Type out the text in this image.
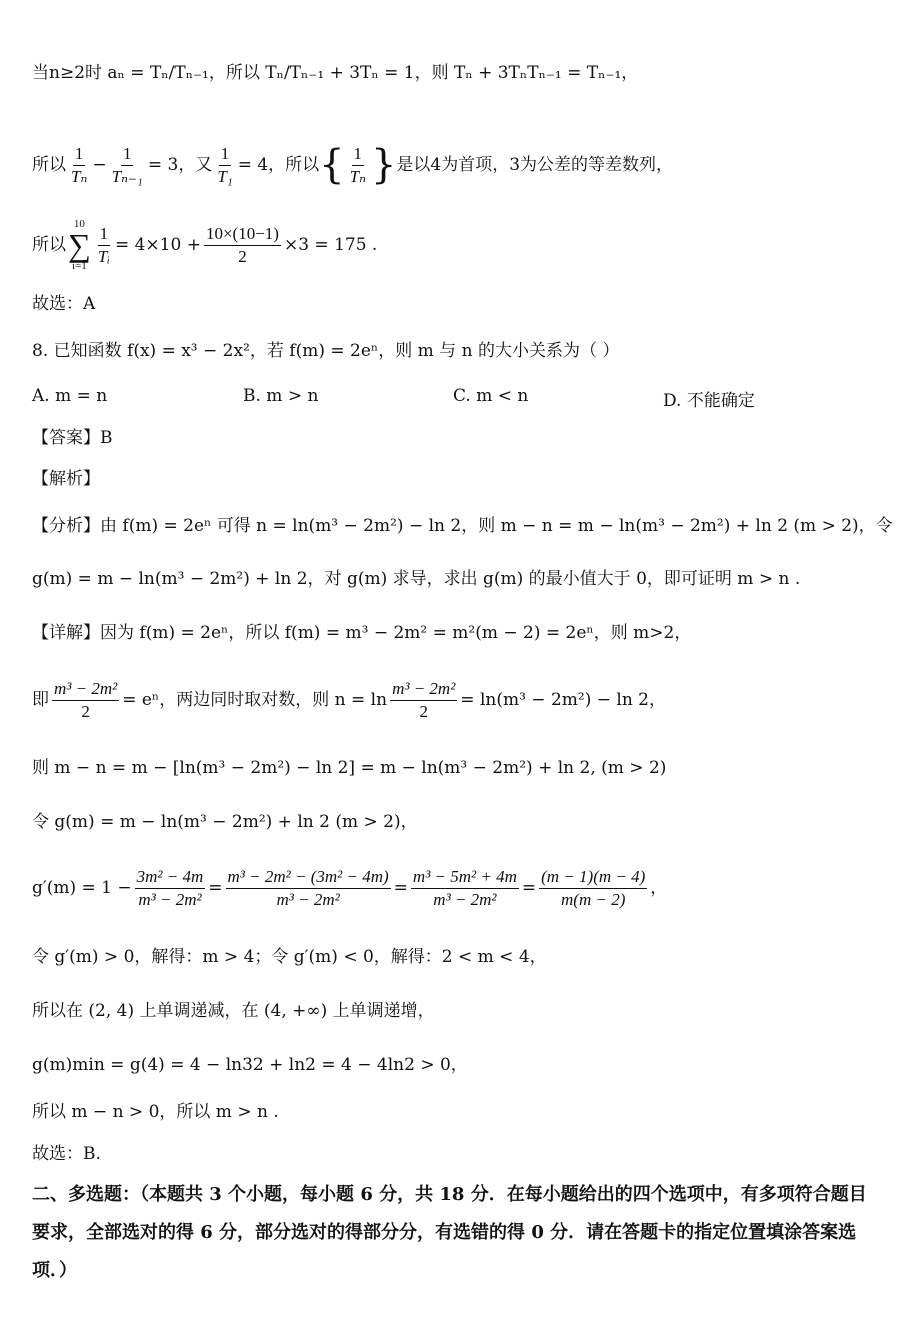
当n≥2时 aₙ = Tₙ/Tₙ₋₁，所以 Tₙ/Tₙ₋₁ + 3Tₙ = 1，则 Tₙ + 3TₙTₙ₋₁ = Tₙ₋₁，
所以 $\frac{1}{\text{Tₙ}} - \frac{1}{\text{Tₙ₋₁}} = 3$ ，又 $\frac{1}{\text{T₁}} = 4$，所以 { $\frac{1}{\text{Tₙ}}$ } 是以4为首项，3为公差的等差数列，
所以
10
∑
$i=1 \frac{1}{\text{Tᵢ}} = 4\times 10 + \frac{10\times(10-1)}{2} \times 3 = 175$ .
故选：A
8. 已知函数 f(x) = x³ − 2x²，若 f(m) = 2eⁿ，则 m 与 n 的大小关系为（ ）
A. m = n	B. m > n	C. m < n	D. 不能确定
【答案】B
【解析】
【分析】由 f(m) = 2eⁿ 可得 n = ln(m³ − 2m²) − ln 2，则 m − n = m − ln(m³ − 2m²) + ln 2 (m > 2)，令
g(m) = m − ln(m³ − 2m²) + ln 2，对 g(m) 求导，求出 g(m) 的最小值大于 0，即可证明 m > n .
【详解】因为 f(m) = 2eⁿ，所以 f(m) = m³ − 2m² = m²(m − 2) = 2eⁿ，则 m>2，
即 $\frac{\text{m³ − 2m²}}{2} = e^n$，两边同时取对数，则 $n = \ln \frac{\text{m³ − 2m²}}{2} = \ln(m^3 - 2m^2) - \ln 2$，
则 m − n = m − [ln(m³ − 2m²) − ln 2] = m − ln(m³ − 2m²) + ln 2, (m > 2)
令 g(m) = m − ln(m³ − 2m²) + ln 2 (m > 2)，
$g'(m) = 1 - \frac{\text{3m² − 4m}}{\text{m³ − 2m²}} = \frac{\text{m³ − 2m² − (3m² − 4m)}}{\text{m³ − 2m²}} = \frac{\text{m³ − 5m² + 4m}}{\text{m³ − 2m²}} = \frac{(m - 1)(m - 4)}{m(m - 2)}$ ，
令 g′(m) > 0，解得：m > 4；令 g′(m) < 0，解得：2 < m < 4，
所以在 (2, 4) 上单调递减，在 (4, +∞) 上单调递增，
g(m)min = g(4) = 4 − ln32 + ln2 = 4 − 4ln2 > 0，
所以 m − n > 0，所以 m > n .
故选：B.
二、多选题：（本题共 3 个小题，每小题 6 分，共 18 分．在每小题给出的四个选项中，有多项符合题目要求，全部选对的得 6 分，部分选对的得部分分，有选错的得 0 分．请在答题卡的指定位置填涂答案选项．）
